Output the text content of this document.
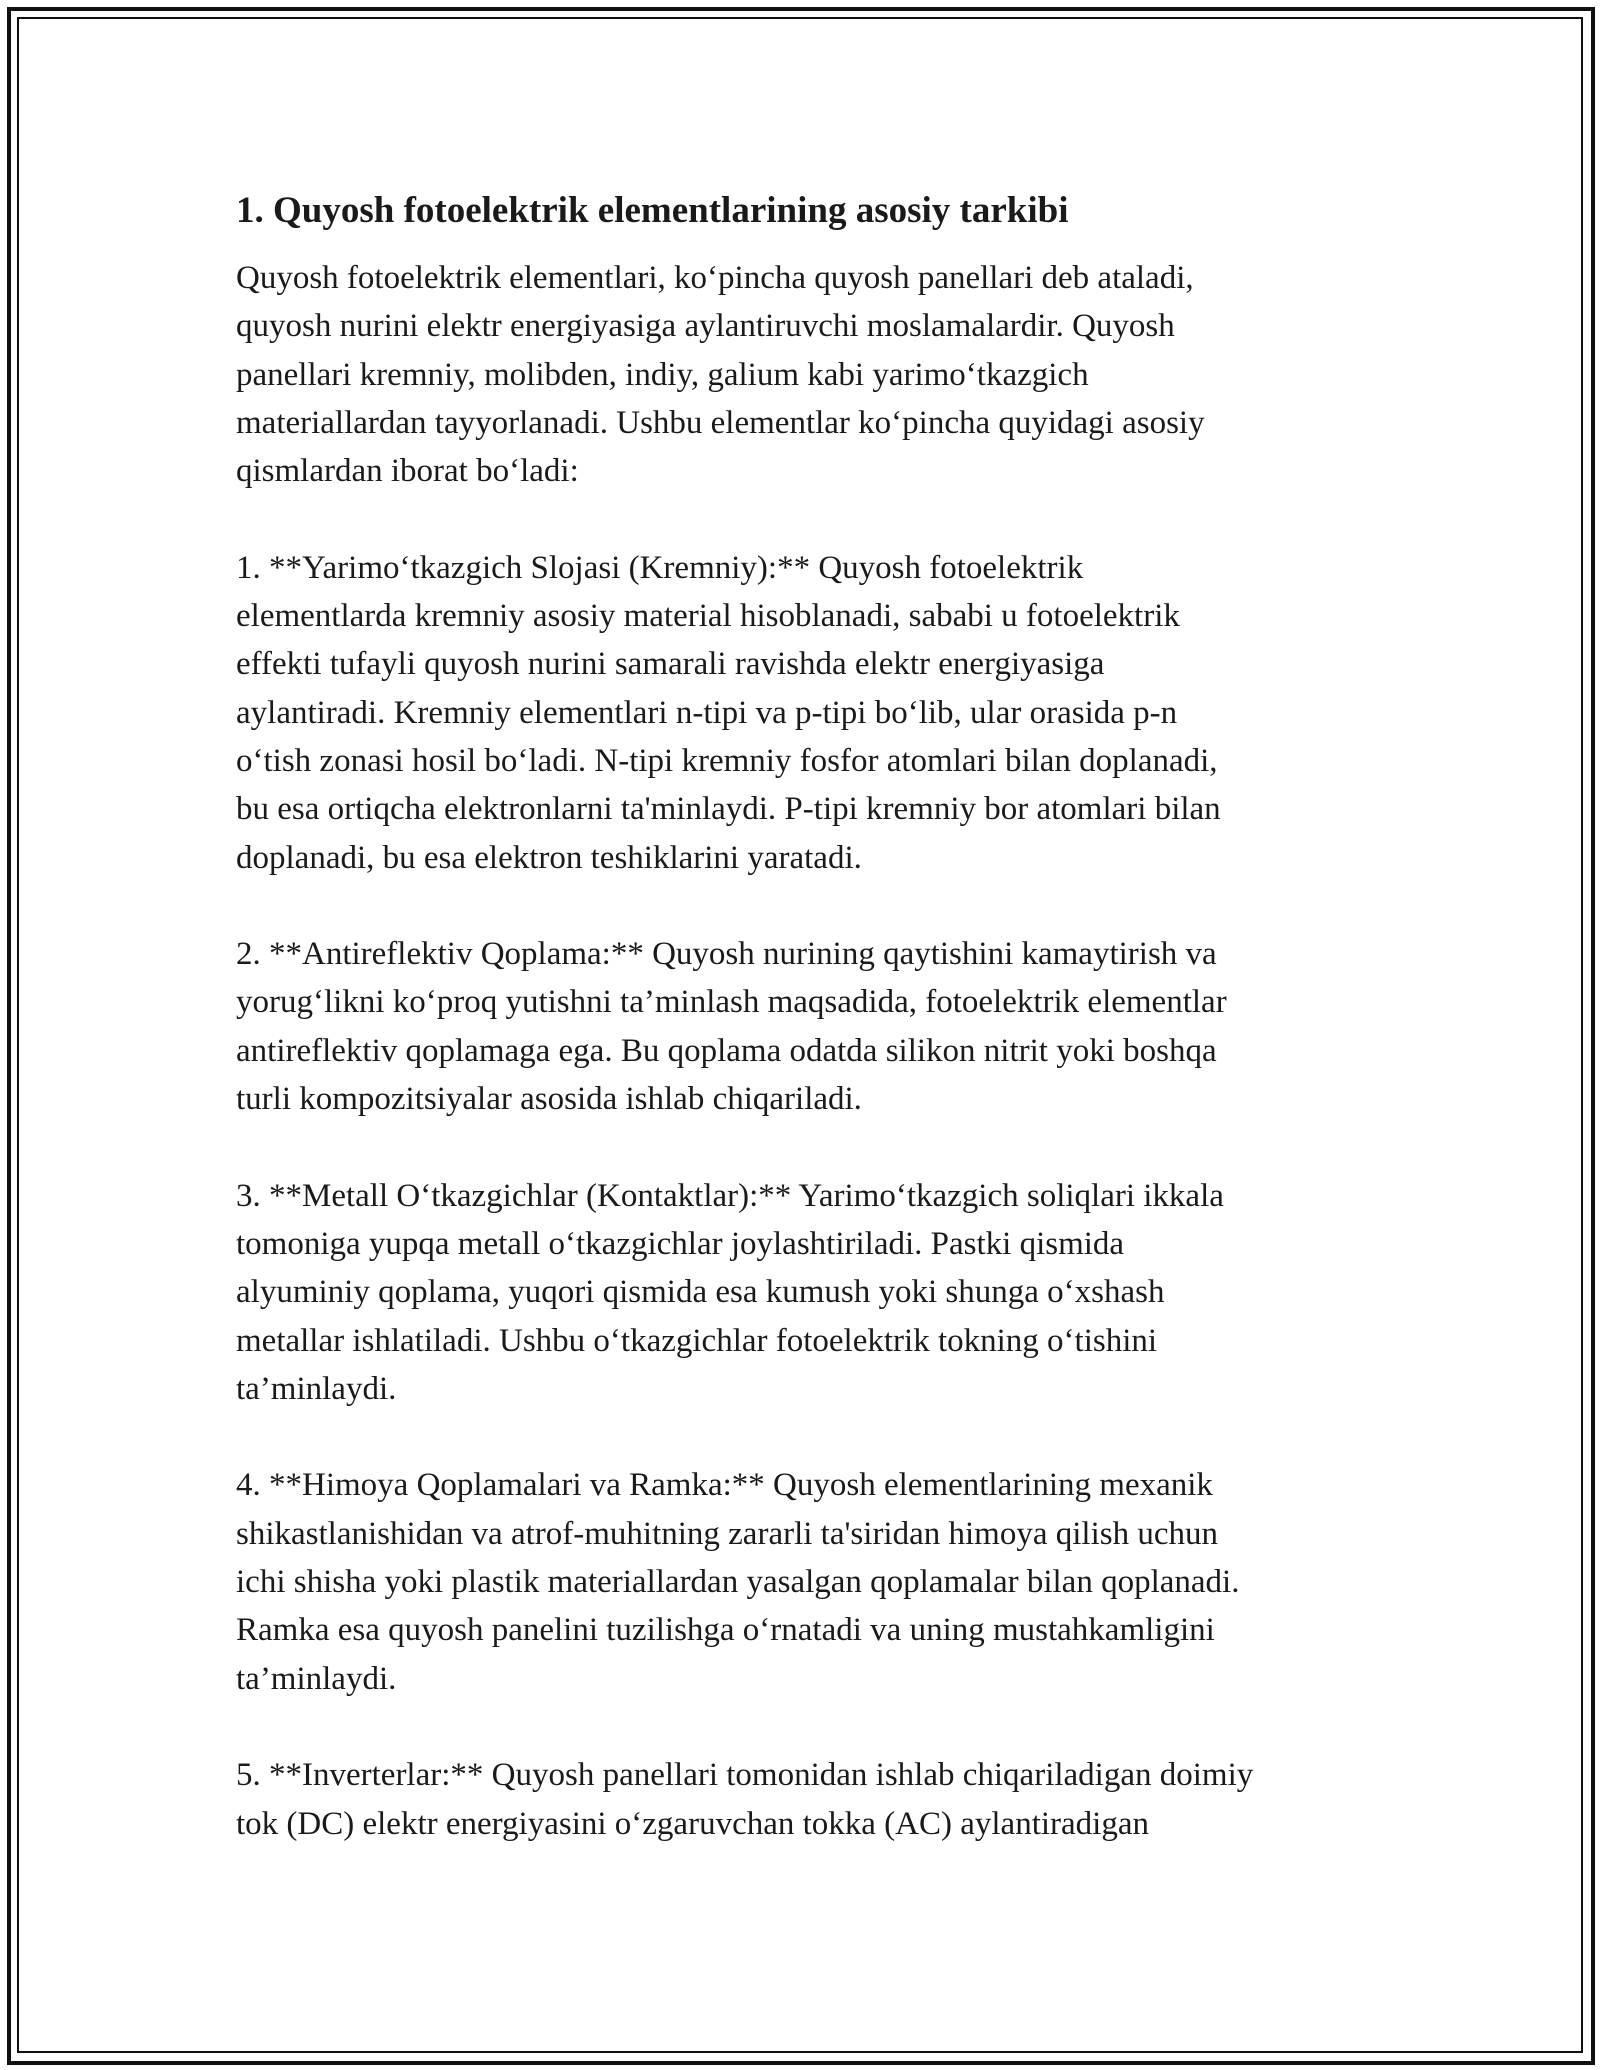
1. Quyosh fotoelektrik elementlarining asosiy tarkibi
Quyosh fotoelektrik elementlari, ko‘pincha quyosh panellari deb ataladi,
quyosh nurini elektr energiyasiga aylantiruvchi moslamalardir. Quyosh
panellari kremniy, molibden, indiy, galium kabi yarimo‘tkazgich
materiallardan tayyorlanadi. Ushbu elementlar ko‘pincha quyidagi asosiy
qismlardan iborat bo‘ladi:
1. **Yarimo‘tkazgich Slojasi (Kremniy):** Quyosh fotoelektrik
elementlarda kremniy asosiy material hisoblanadi, sababi u fotoelektrik
effekti tufayli quyosh nurini samarali ravishda elektr energiyasiga
aylantiradi. Kremniy elementlari n-tipi va p-tipi bo‘lib, ular orasida p-n
o‘tish zonasi hosil bo‘ladi. N-tipi kremniy fosfor atomlari bilan doplanadi,
bu esa ortiqcha elektronlarni ta'minlaydi. P-tipi kremniy bor atomlari bilan
doplanadi, bu esa elektron teshiklarini yaratadi.
2. **Antireflektiv Qoplama:** Quyosh nurining qaytishini kamaytirish va
yorug‘likni ko‘proq yutishni ta’minlash maqsadida, fotoelektrik elementlar
antireflektiv qoplamaga ega. Bu qoplama odatda silikon nitrit yoki boshqa
turli kompozitsiyalar asosida ishlab chiqariladi.
3. **Metall O‘tkazgichlar (Kontaktlar):** Yarimo‘tkazgich soliqlari ikkala
tomoniga yupqa metall o‘tkazgichlar joylashtiriladi. Pastki qismida
alyuminiy qoplama, yuqori qismida esa kumush yoki shunga o‘xshash
metallar ishlatiladi. Ushbu o‘tkazgichlar fotoelektrik tokning o‘tishini
ta’minlaydi.
4. **Himoya Qoplamalari va Ramka:** Quyosh elementlarining mexanik
shikastlanishidan va atrof-muhitning zararli ta'siridan himoya qilish uchun
ichi shisha yoki plastik materiallardan yasalgan qoplamalar bilan qoplanadi.
Ramka esa quyosh panelini tuzilishga o‘rnatadi va uning mustahkamligini
ta’minlaydi.
5. **Inverterlar:** Quyosh panellari tomonidan ishlab chiqariladigan doimiy
tok (DC) elektr energiyasini o‘zgaruvchan tokka (AC) aylantiradigan
